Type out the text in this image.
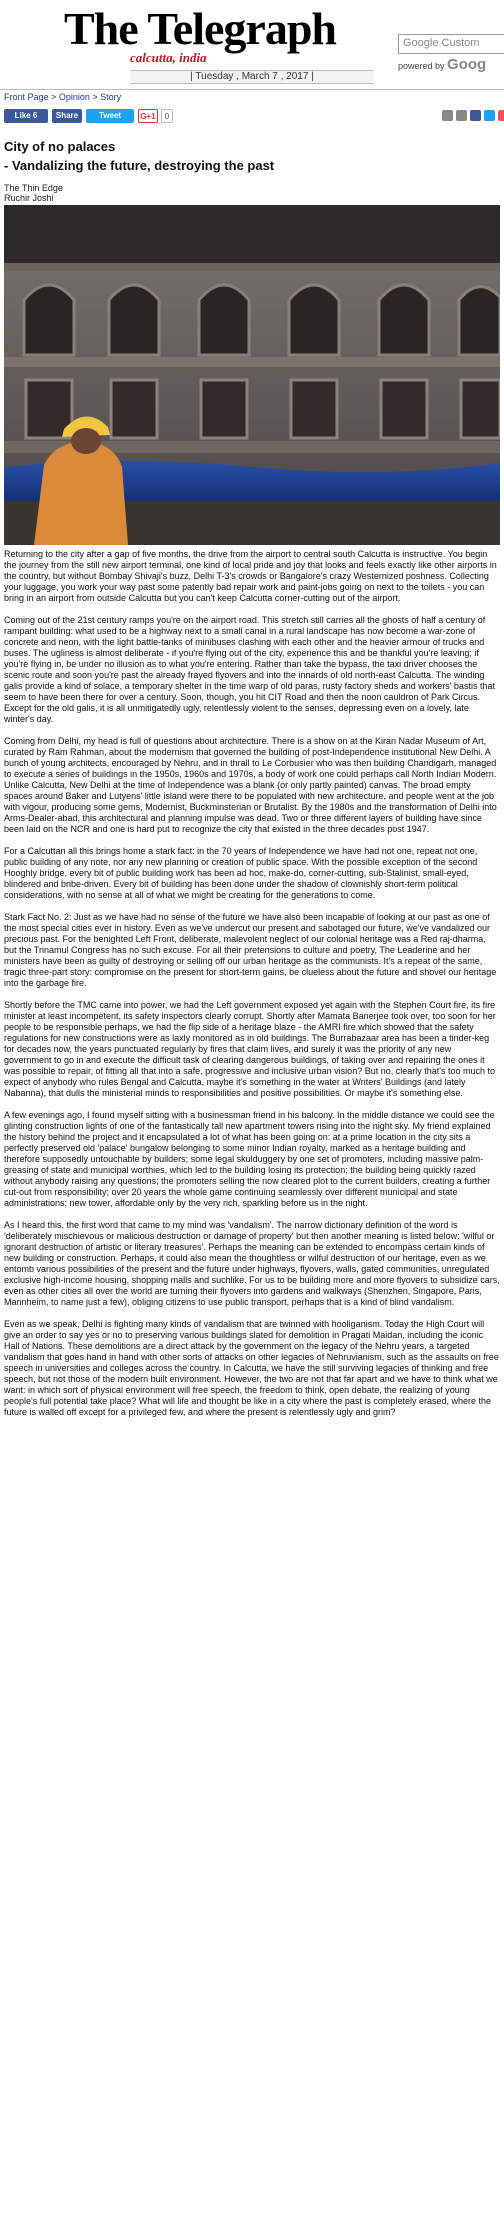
The Telegraph
calcutta, india
Google Custom
powered by Goog
| Tuesday , March 7 , 2017 |
Front Page > Opinion > Story
Like 6	Share	Tweet	G+1	0
City of no palaces
- Vandalizing the future, destroying the past
The Thin Edge
Ruchir Joshi

Returning to the city after a gap of five months, the drive from the airport to central south Calcutta is instructive. You begin the journey from the still new airport terminal, one kind of local pride and joy that looks and feels exactly like other airports in the country, but without Bombay Shivaji's buzz, Delhi T-3's crowds or Bangalore's crazy Westernized poshness. Collecting your luggage, you work your way past some patently bad repair work and paint-jobs going on next to the toilets - you can bring in an airport from outside Calcutta but you can't keep Calcutta corner-cutting out of the airport.

Coming out of the 21st century ramps you're on the airport road. This stretch still carries all the ghosts of half a century of rampant building: what used to be a highway next to a small canal in a rural landscape has now become a war-zone of concrete and neon, with the light battle-tanks of minibuses clashing with each other and the heavier armour of trucks and buses. The ugliness is almost deliberate - if you're flying out of the city, experience this and be thankful you're leaving; if you're flying in, be under no illusion as to what you're entering. Rather than take the bypass, the taxi driver chooses the scenic route and soon you're past the already frayed flyovers and into the innards of old north-east Calcutta. The winding galis provide a kind of solace, a temporary shelter in the time warp of old paras, rusty factory sheds and workers' bastis that seem to have been there for over a century. Soon, though, you hit CIT Road and then the noon cauldron of Park Circus. Except for the old galis, it is all unmitigatedly ugly, relentlessly violent to the senses, depressing even on a lovely, late winter's day.

Coming from Delhi, my head is full of questions about architecture. There is a show on at the Kiran Nadar Museum of Art, curated by Ram Rahman, about the modernism that governed the building of post-Independence institutional New Delhi. A bunch of young architects, encouraged by Nehru, and in thrall to Le Corbusier who was then building Chandigarh, managed to execute a series of buildings in the 1950s, 1960s and 1970s, a body of work one could perhaps call North Indian Modern. Unlike Calcutta, New Delhi at the time of Independence was a blank (or only partly painted) canvas. The broad empty spaces around Baker and Lutyens' little island were there to be populated with new architecture, and people went at the job with vigour, producing some gems, Modernist, Buckminsterian or Brutalist. By the 1980s and the transformation of Delhi into Arms-Dealer-abad, this architectural and planning impulse was dead. Two or three different layers of building have since been laid on the NCR and one is hard put to recognize the city that existed in the three decades post 1947.

For a Calcuttan all this brings home a stark fact: in the 70 years of Independence we have had not one, repeat not one, public building of any note, nor any new planning or creation of public space. With the possible exception of the second Hooghly bridge, every bit of public building work has been ad hoc, make-do, corner-cutting, sub-Stalinist, small-eyed, blindered and bribe-driven. Every bit of building has been done under the shadow of clownishly short-term political considerations, with no sense at all of what we might be creating for the generations to come.

Stark Fact No. 2: Just as we have had no sense of the future we have also been incapable of looking at our past as one of the most special cities ever in history. Even as we've undercut our present and sabotaged our future, we've vandalized our precious past. For the benighted Left Front, deliberate, malevolent neglect of our colonial heritage was a Red raj-dharma, but the Trinamul Congress has no such excuse. For all their pretensions to culture and poetry, The Leaderine and her ministers have been as guilty of destroying or selling off our urban heritage as the communists. It's a repeat of the same, tragic three-part story: compromise on the present for short-term gains, be clueless about the future and shovel our heritage into the garbage fire.

Shortly before the TMC came into power, we had the Left government exposed yet again with the Stephen Court fire, its fire minister at least incompetent, its safety inspectors clearly corrupt. Shortly after Mamata Banerjee took over, too soon for her people to be responsible perhaps, we had the flip side of a heritage blaze - the AMRI fire which showed that the safety regulations for new constructions were as laxly monitored as in old buildings. The Burrabazaar area has been a tinder-keg for decades now, the years punctuated regularly by fires that claim lives, and surely it was the priority of any new government to go in and execute the difficult task of clearing dangerous buildings, of taking over and repairing the ones it was possible to repair, of fitting all that into a safe, progressive and inclusive urban vision? But no, clearly that's too much to expect of anybody who rules Bengal and Calcutta, maybe it's something in the water at Writers' Buildings (and lately Nabanna), that dulls the ministerial minds to responsibilities and positive possibilities. Or maybe it's something else.

A few evenings ago, I found myself sitting with a businessman friend in his balcony. In the middle distance we could see the glinting construction lights of one of the fantastically tall new apartment towers rising into the night sky. My friend explained the history behind the project and it encapsulated a lot of what has been going on: at a prime location in the city sits a perfectly preserved old 'palace' bungalow belonging to some minor Indian royalty, marked as a heritage building and therefore supposedly untouchable by builders; some legal skulduggery by one set of promoters, including massive palm-greasing of state and municipal worthies, which led to the building losing its protection; the building being quickly razed without anybody raising any questions; the promoters selling the now cleared plot to the current builders, creating a further cut-out from responsibility; over 20 years the whole game continuing seamlessly over different municipal and state administrations; new tower, affordable only by the very rich, sparkling before us in the night.

As I heard this, the first word that came to my mind was 'vandalism'. The narrow dictionary definition of the word is 'deliberately mischievous or malicious destruction or damage of property' but then another meaning is listed below: 'wilful or ignorant destruction of artistic or literary treasures'. Perhaps the meaning can be extended to encompass certain kinds of new building or construction. Perhaps, it could also mean the thoughtless or wilful destruction of our heritage, even as we entomb various possibilities of the present and the future under highways, flyovers, walls, gated communities, unregulated exclusive high-income housing, shopping malls and suchlike. For us to be building more and more flyovers to subsidize cars, even as other cities all over the world are turning their flyovers into gardens and walkways (Shenzhen, Singapore, Paris, Mannheim, to name just a few), obliging citizens to use public transport, perhaps that is a kind of blind vandalism.

Even as we speak, Delhi is fighting many kinds of vandalism that are twinned with hooliganism. Today the High Court will give an order to say yes or no to preserving various buildings slated for demolition in Pragati Maidan, including the iconic Hall of Nations. These demolitions are a direct attack by the government on the legacy of the Nehru years, a targeted vandalism that goes hand in hand with other sorts of attacks on other legacies of Nehruvianism, such as the assaults on free speech in universities and colleges across the country. In Calcutta, we have the still surviving legacies of thinking and free speech, but not those of the modern built environment. However, the two are not that far apart and we have to think what we want: in which sort of physical environment will free speech, the freedom to think, open debate, the realizing of young people's full potential take place? What will life and thought be like in a city where the past is completely erased, where the future is walled off except for a privileged few, and where the present is relentlessly ugly and grim?
